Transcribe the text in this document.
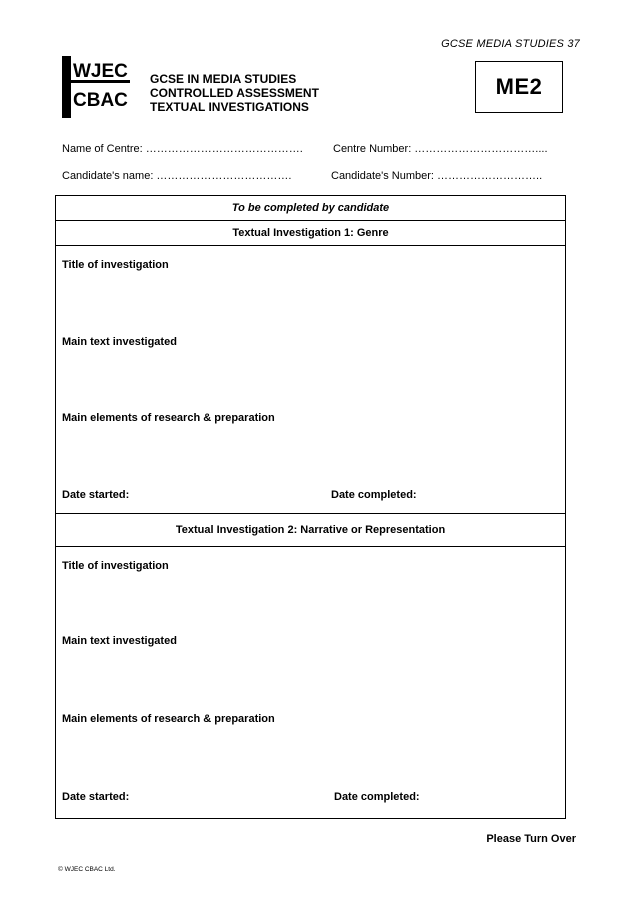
GCSE MEDIA STUDIES 37
WJEC
CBAC
GCSE IN MEDIA STUDIES
CONTROLLED ASSESSMENT
TEXTUAL INVESTIGATIONS
ME2
Name of Centre: …………………………………….	Centre Number: ……………………………....
Candidate's name: ……………………………….	Candidate's Number: ………………………..
To be completed by candidate
Textual Investigation 1: Genre
Title of investigation
Main text investigated
Main elements of research & preparation
Date started:	Date completed:
Textual Investigation 2: Narrative or Representation
Title of investigation
Main text investigated
Main elements of research & preparation
Date started:	Date completed:
Please Turn Over
© WJEC CBAC Ltd.
